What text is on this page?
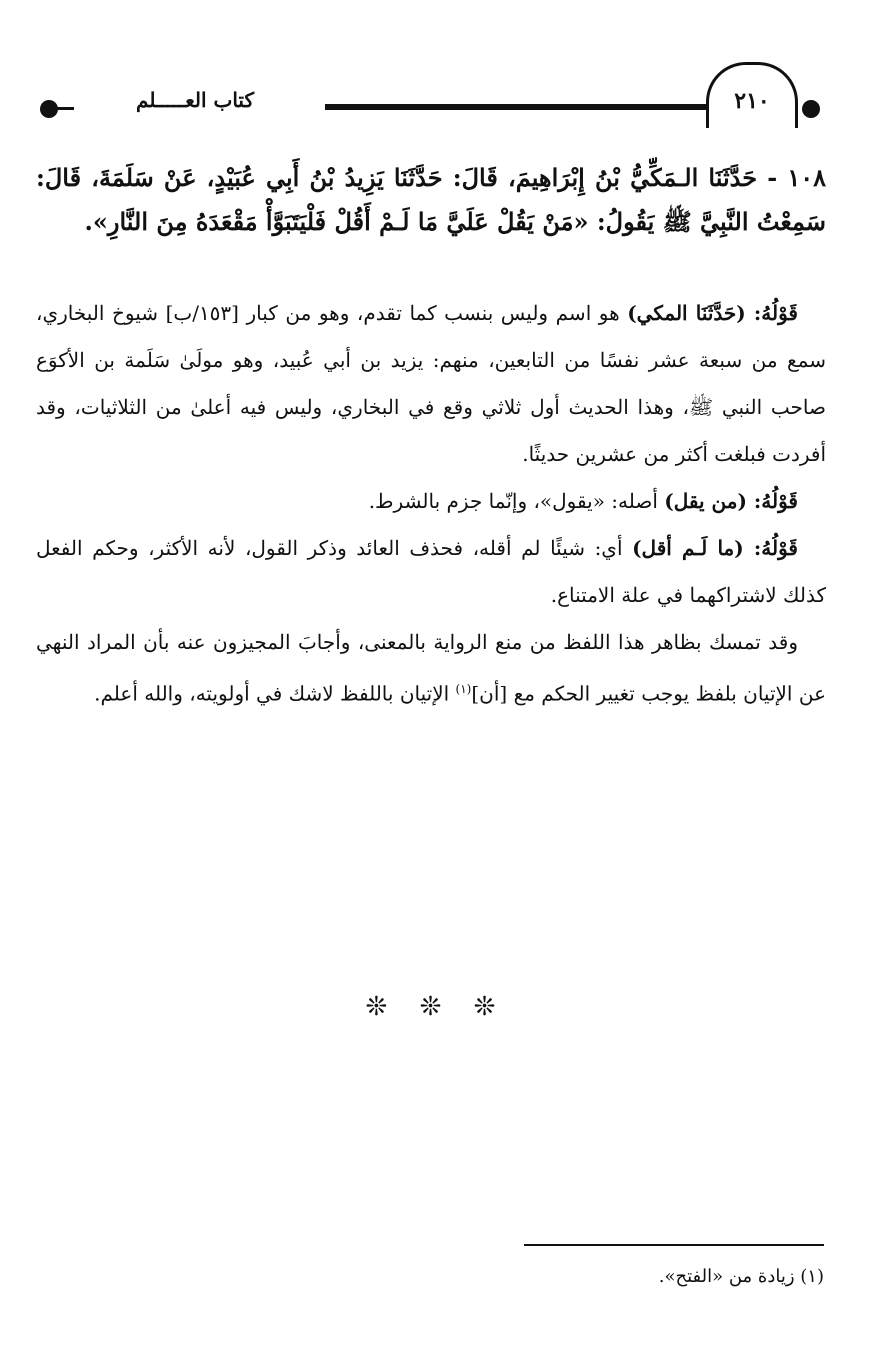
كتاب العـــــلم	٢١٠
١٠٨ - حَدَّثَنَا الـمَكِّيُّ بْنُ إِبْرَاهِيمَ، قَالَ: حَدَّثَنَا يَزِيدُ بْنُ أَبِي عُبَيْدٍ، عَنْ سَلَمَةَ، قَالَ: سَمِعْتُ النَّبِيَّ ﷺ يَقُولُ: «مَنْ يَقُلْ عَلَيَّ مَا لَـمْ أَقُلْ فَلْيَتَبَوَّأْ مَقْعَدَهُ مِنَ النَّارِ».

قَوْلُهُ: (حَدَّثَنَا المكي) هو اسم وليس بنسب كما تقدم، وهو من كبار [١٥٣/ب] شيوخ البخاري، سمع من سبعة عشر نفسًا من التابعين، منهم: يزيد بن أبي عُبيد، وهو مولَىٰ سَلَمة بن الأكوَع صاحب النبي ﷺ، وهذا الحديث أول ثلاثي وقع في البخاري، وليس فيه أعلىٰ من الثلاثيات، وقد أفردت فبلغت أكثر من عشرين حديثًا.

قَوْلُهُ: (من يقل) أصله: «يقول»، وإنّما جزم بالشرط.

قَوْلُهُ: (ما لَـم أقل) أي: شيئًا لم أقله، فحذف العائد وذكر القول، لأنه الأكثر، وحكم الفعل كذلك لاشتراكهما في علة الامتناع.

وقد تمسك بظاهر هذا اللفظ من منع الرواية بالمعنى، وأجابَ المجيزون عنه بأن المراد النهي عن الإتيان بلفظ يوجب تغيير الحكم مع [أن]$^{(١)}$ الإتيان باللفظ لاشك في أولويته، والله أعلم.

❊ ❊ ❊
(١) زيادة من «الفتح».
